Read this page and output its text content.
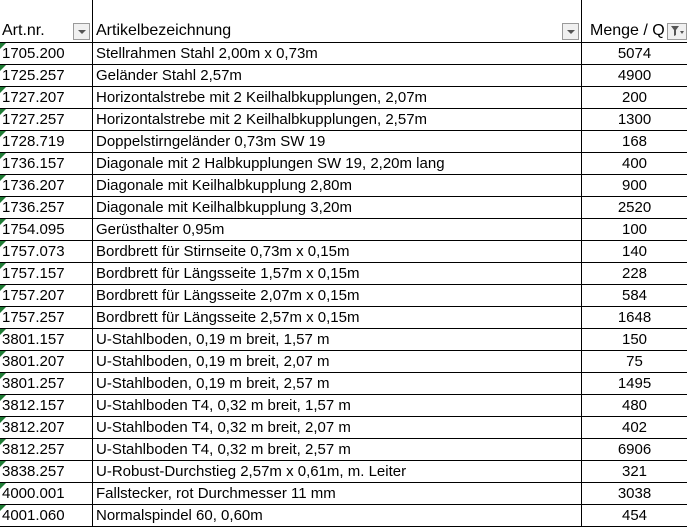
Art.nr.	Artikelbezeichnung	Menge / Q

1705.200	Stellrahmen Stahl 2,00m x 0,73m	5074

1725.257	Geländer Stahl 2,57m	4900

1727.207	Horizontalstrebe mit 2 Keilhalbkupplungen, 2,07m	200

1727.257	Horizontalstrebe mit 2 Keilhalbkupplungen, 2,57m	1300

1728.719	Doppelstirngeländer 0,73m SW 19	168

1736.157	Diagonale mit 2 Halbkupplungen SW 19, 2,20m lang	400

1736.207	Diagonale mit Keilhalbkupplung 2,80m	900

1736.257	Diagonale mit Keilhalbkupplung 3,20m	2520

1754.095	Gerüsthalter 0,95m	100

1757.073	Bordbrett für Stirnseite 0,73m x 0,15m	140

1757.157	Bordbrett für Längsseite 1,57m x 0,15m	228

1757.207	Bordbrett für Längsseite 2,07m x 0,15m	584

1757.257	Bordbrett für Längsseite 2,57m x 0,15m	1648

3801.157	U-Stahlboden, 0,19 m breit, 1,57 m	150

3801.207	U-Stahlboden, 0,19 m breit, 2,07 m	75

3801.257	U-Stahlboden, 0,19 m breit, 2,57 m	1495

3812.157	U-Stahlboden T4, 0,32 m breit, 1,57 m	480

3812.207	U-Stahlboden T4, 0,32 m breit, 2,07 m	402

3812.257	U-Stahlboden T4, 0,32 m breit, 2,57 m	6906

3838.257	U-Robust-Durchstieg 2,57m x 0,61m, m. Leiter	321

4000.001	Fallstecker, rot Durchmesser 11 mm	3038

4001.060	Normalspindel 60, 0,60m	454
